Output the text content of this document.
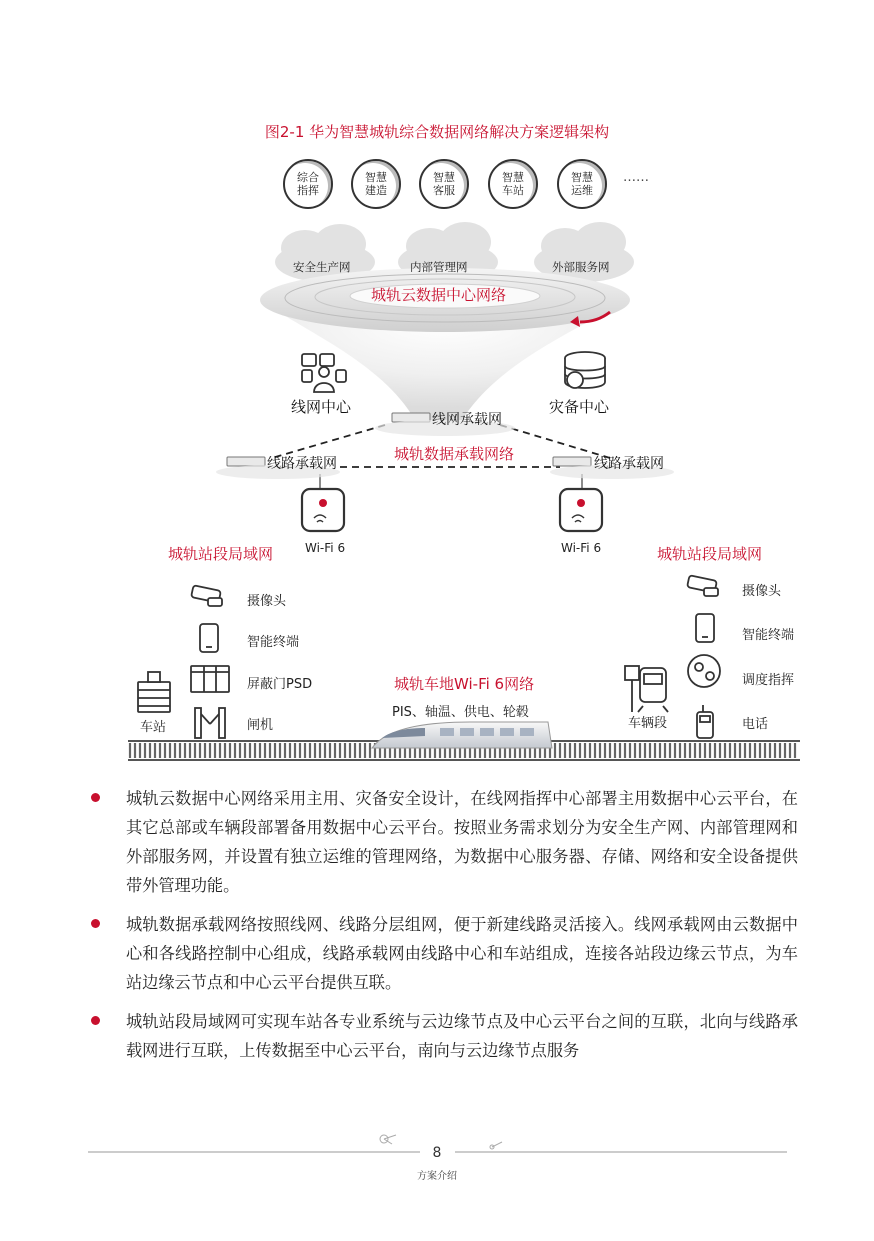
图2-1 华为智慧城轨综合数据网络解决方案逻辑架构
综合指挥
智慧建造
智慧客服
智慧车站
智慧运维
……
安全生产网	内部管理网	外部服务网
城轨云数据中心网络
线网中心	灾备中心
线网承载网
城轨数据承载网络
线路承载网	线路承载网
Wi-Fi 6	Wi-Fi 6
城轨站段局域网	城轨站段局域网
摄像头
智能终端
屏蔽门PSD
闸机
车站
城轨车地Wi-Fi 6网络
PIS、轴温、供电、轮毂
摄像头
智能终端
调度指挥
电话
车辆段
城轨云数据中心网络采用主用、灾备安全设计，在线网指挥中心部署主用数据中心云平台，在其它总部或车辆段部署备用数据中心云平台。按照业务需求划分为安全生产网、内部管理网和外部服务网，并设置有独立运维的管理网络，为数据中心服务器、存储、网络和安全设备提供带外管理功能。
城轨数据承载网络按照线网、线路分层组网，便于新建线路灵活接入。线网承载网由云数据中心和各线路控制中心组成，线路承载网由线路中心和车站组成，连接各站段边缘云节点，为车站边缘云节点和中心云平台提供互联。
城轨站段局域网可实现车站各专业系统与云边缘节点及中心云平台之间的互联，北向与线路承载网进行互联，上传数据至中心云平台，南向与云边缘节点服务
8
方案介绍
